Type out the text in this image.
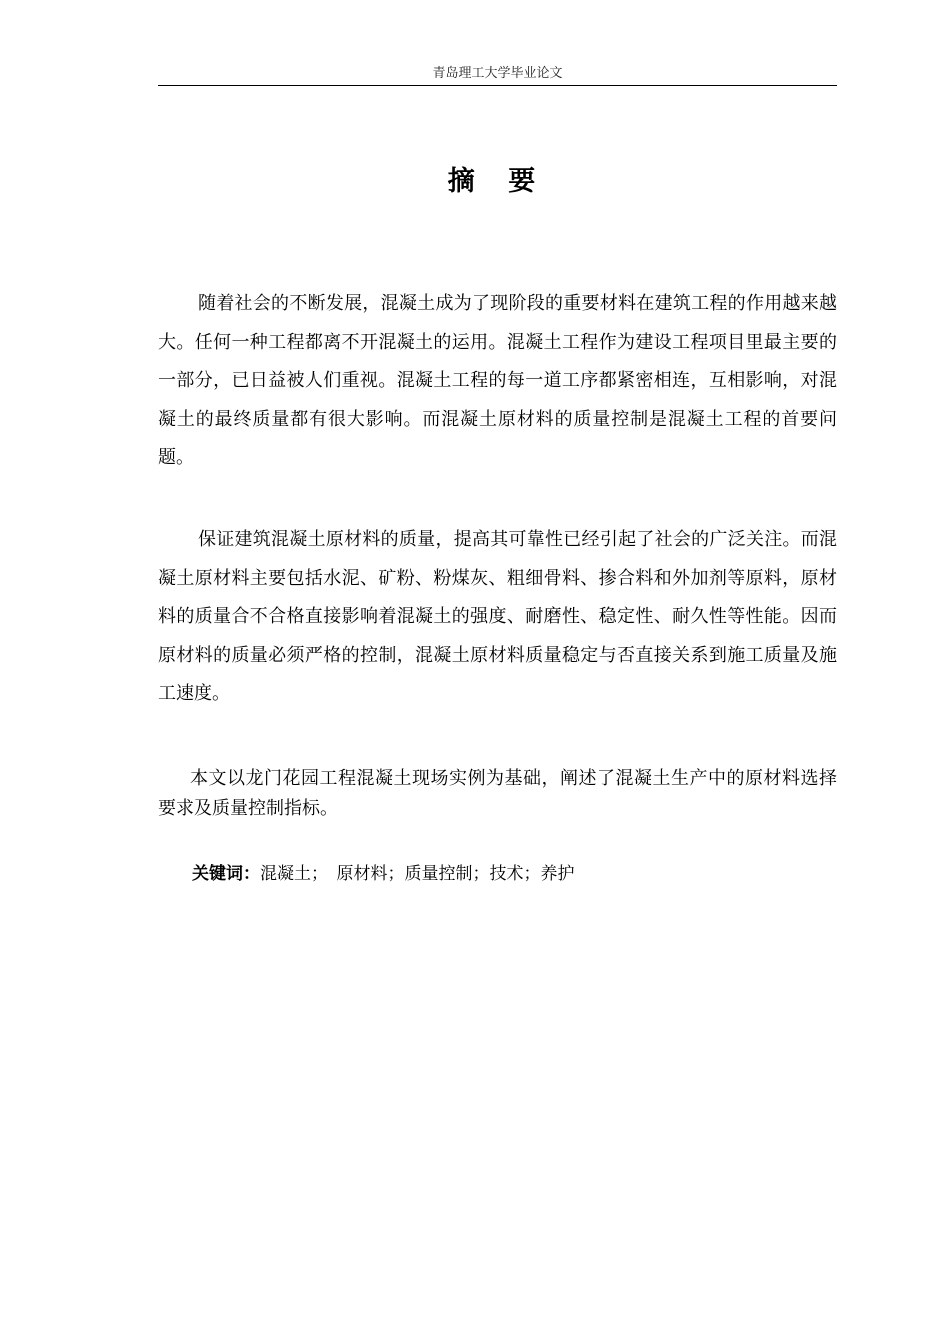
青岛理工大学毕业论文
摘 要

随着社会的不断发展，混凝土成为了现阶段的重要材料在建筑工程的作用越来越大。任何一种工程都离不开混凝土的运用。混凝土工程作为建设工程项目里最主要的一部分，已日益被人们重视。混凝土工程的每一道工序都紧密相连，互相影响，对混凝土的最终质量都有很大影响。而混凝土原材料的质量控制是混凝土工程的首要问题。

保证建筑混凝土原材料的质量，提高其可靠性已经引起了社会的广泛关注。而混凝土原材料主要包括水泥、矿粉、粉煤灰、粗细骨料、掺合料和外加剂等原料，原材料的质量合不合格直接影响着混凝土的强度、耐磨性、稳定性、耐久性等性能。因而原材料的质量必须严格的控制，混凝土原材料质量稳定与否直接关系到施工质量及施工速度。

本文以龙门花园工程混凝土现场实例为基础，阐述了混凝土生产中的原材料选择要求及质量控制指标。

关键词：混凝土；　原材料；质量控制；技术；养护
